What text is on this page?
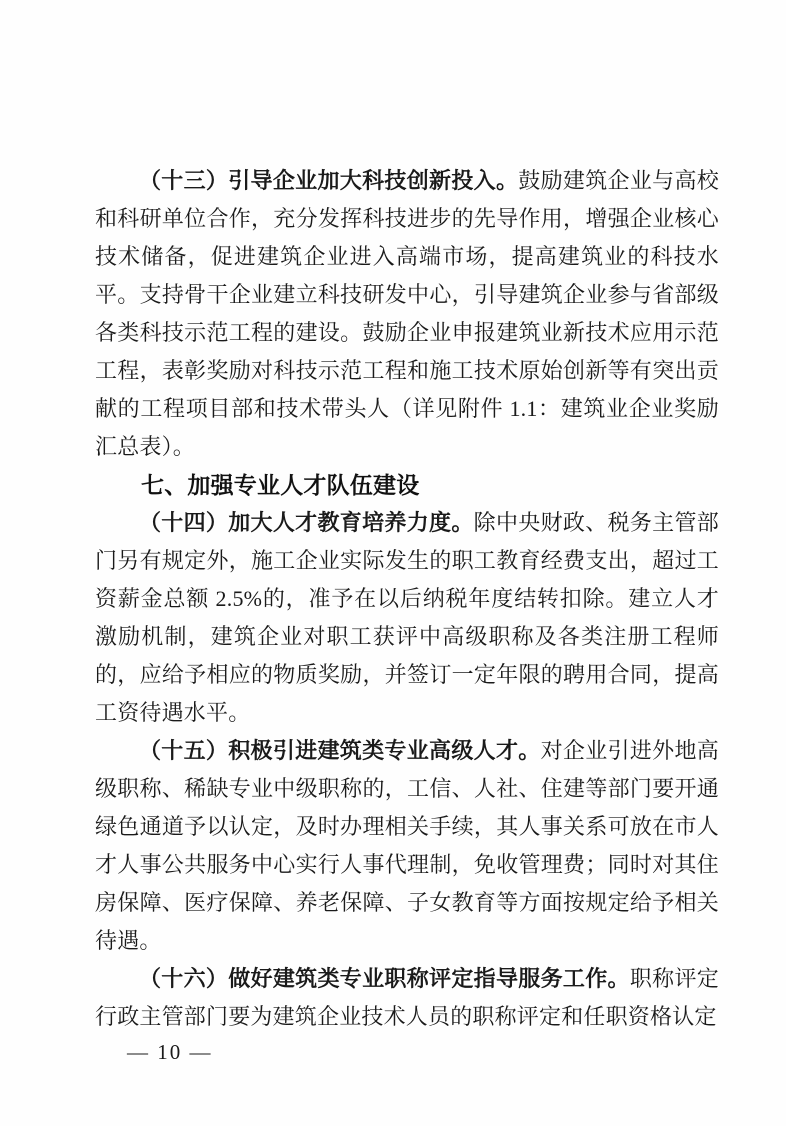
（十三）引导企业加大科技创新投入。鼓励建筑企业与高校和科研单位合作，充分发挥科技进步的先导作用，增强企业核心技术储备，促进建筑企业进入高端市场，提高建筑业的科技水平。支持骨干企业建立科技研发中心，引导建筑企业参与省部级各类科技示范工程的建设。鼓励企业申报建筑业新技术应用示范工程，表彰奖励对科技示范工程和施工技术原始创新等有突出贡献的工程项目部和技术带头人（详见附件 1.1：建筑业企业奖励汇总表）。

七、加强专业人才队伍建设

（十四）加大人才教育培养力度。除中央财政、税务主管部门另有规定外，施工企业实际发生的职工教育经费支出，超过工资薪金总额 2.5%的，准予在以后纳税年度结转扣除。建立人才激励机制，建筑企业对职工获评中高级职称及各类注册工程师的，应给予相应的物质奖励，并签订一定年限的聘用合同，提高工资待遇水平。

（十五）积极引进建筑类专业高级人才。对企业引进外地高级职称、稀缺专业中级职称的，工信、人社、住建等部门要开通绿色通道予以认定，及时办理相关手续，其人事关系可放在市人才人事公共服务中心实行人事代理制，免收管理费；同时对其住房保障、医疗保障、养老保障、子女教育等方面按规定给予相关待遇。

（十六）做好建筑类专业职称评定指导服务工作。职称评定行政主管部门要为建筑企业技术人员的职称评定和任职资格认定

— 10 —
